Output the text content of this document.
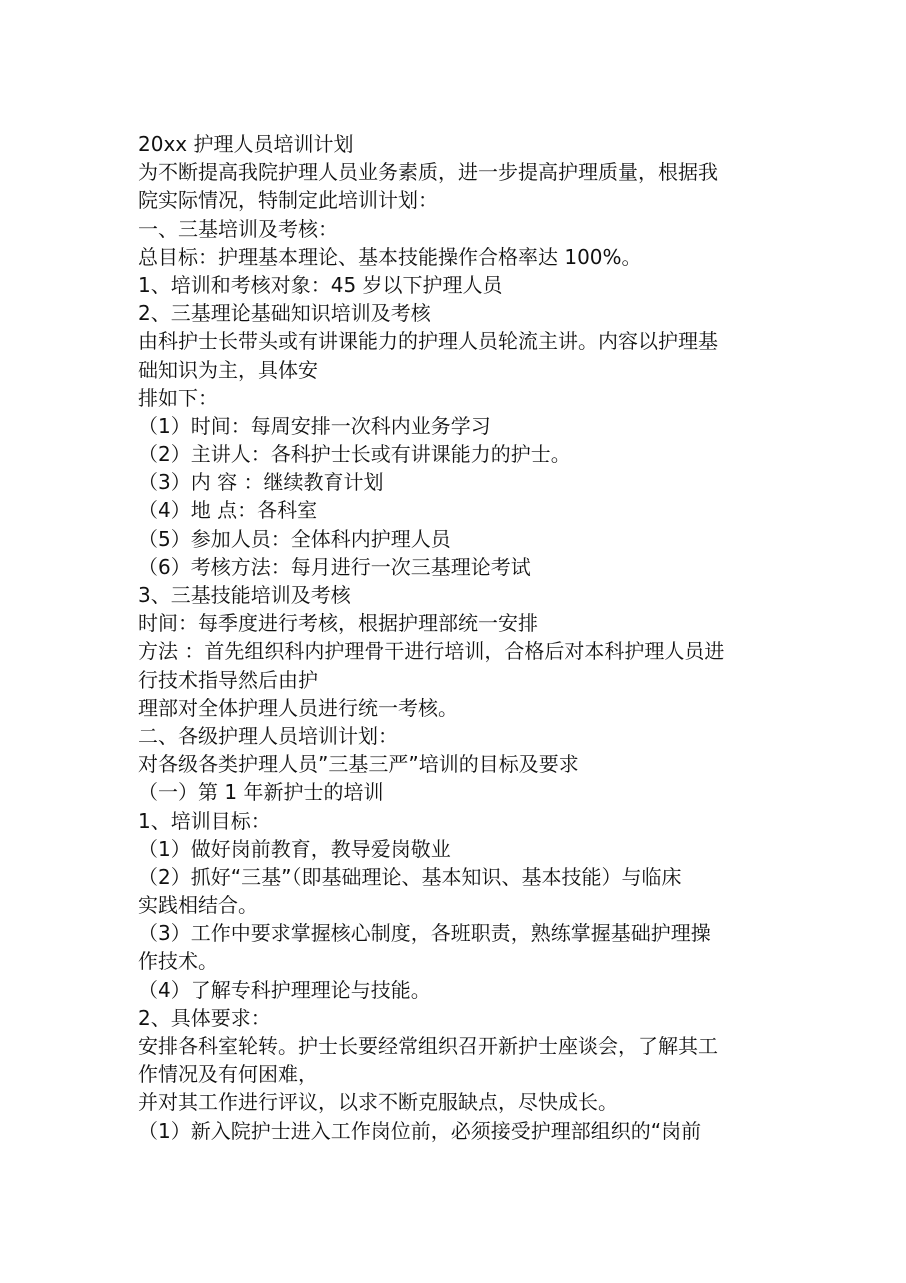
20xx 护理人员培训计划
为不断提高我院护理人员业务素质，进一步提高护理质量，根据我
院实际情况，特制定此培训计划：
一、三基培训及考核：
总目标：护理基本理论、基本技能操作合格率达 100%。
1、培训和考核对象：45 岁以下护理人员
2、三基理论基础知识培训及考核
由科护士长带头或有讲课能力的护理人员轮流主讲。内容以护理基
础知识为主，具体安
排如下：
（1）时间：每周安排一次科内业务学习
（2）主讲人：各科护士长或有讲课能力的护士。
（3）内 容 ：继续教育计划
（4）地 点：各科室
（5）参加人员：全体科内护理人员
（6）考核方法：每月进行一次三基理论考试
3、三基技能培训及考核
时间：每季度进行考核，根据护理部统一安排
方法 ：首先组织科内护理骨干进行培训，合格后对本科护理人员进
行技术指导然后由护
理部对全体护理人员进行统一考核。
二、各级护理人员培训计划：
对各级各类护理人员”三基三严”培训的目标及要求
（一）第 1 年新护士的培训
1、培训目标：
（1）做好岗前教育，教导爱岗敬业
（2）抓好“三基”（即基础理论、基本知识、基本技能）与临床
实践相结合。
（3）工作中要求掌握核心制度，各班职责，熟练掌握基础护理操
作技术。
（4）了解专科护理理论与技能。
2、具体要求：
安排各科室轮转。护士长要经常组织召开新护士座谈会，了解其工
作情况及有何困难，
并对其工作进行评议，以求不断克服缺点，尽快成长。
（1）新入院护士进入工作岗位前，必须接受护理部组织的“岗前
